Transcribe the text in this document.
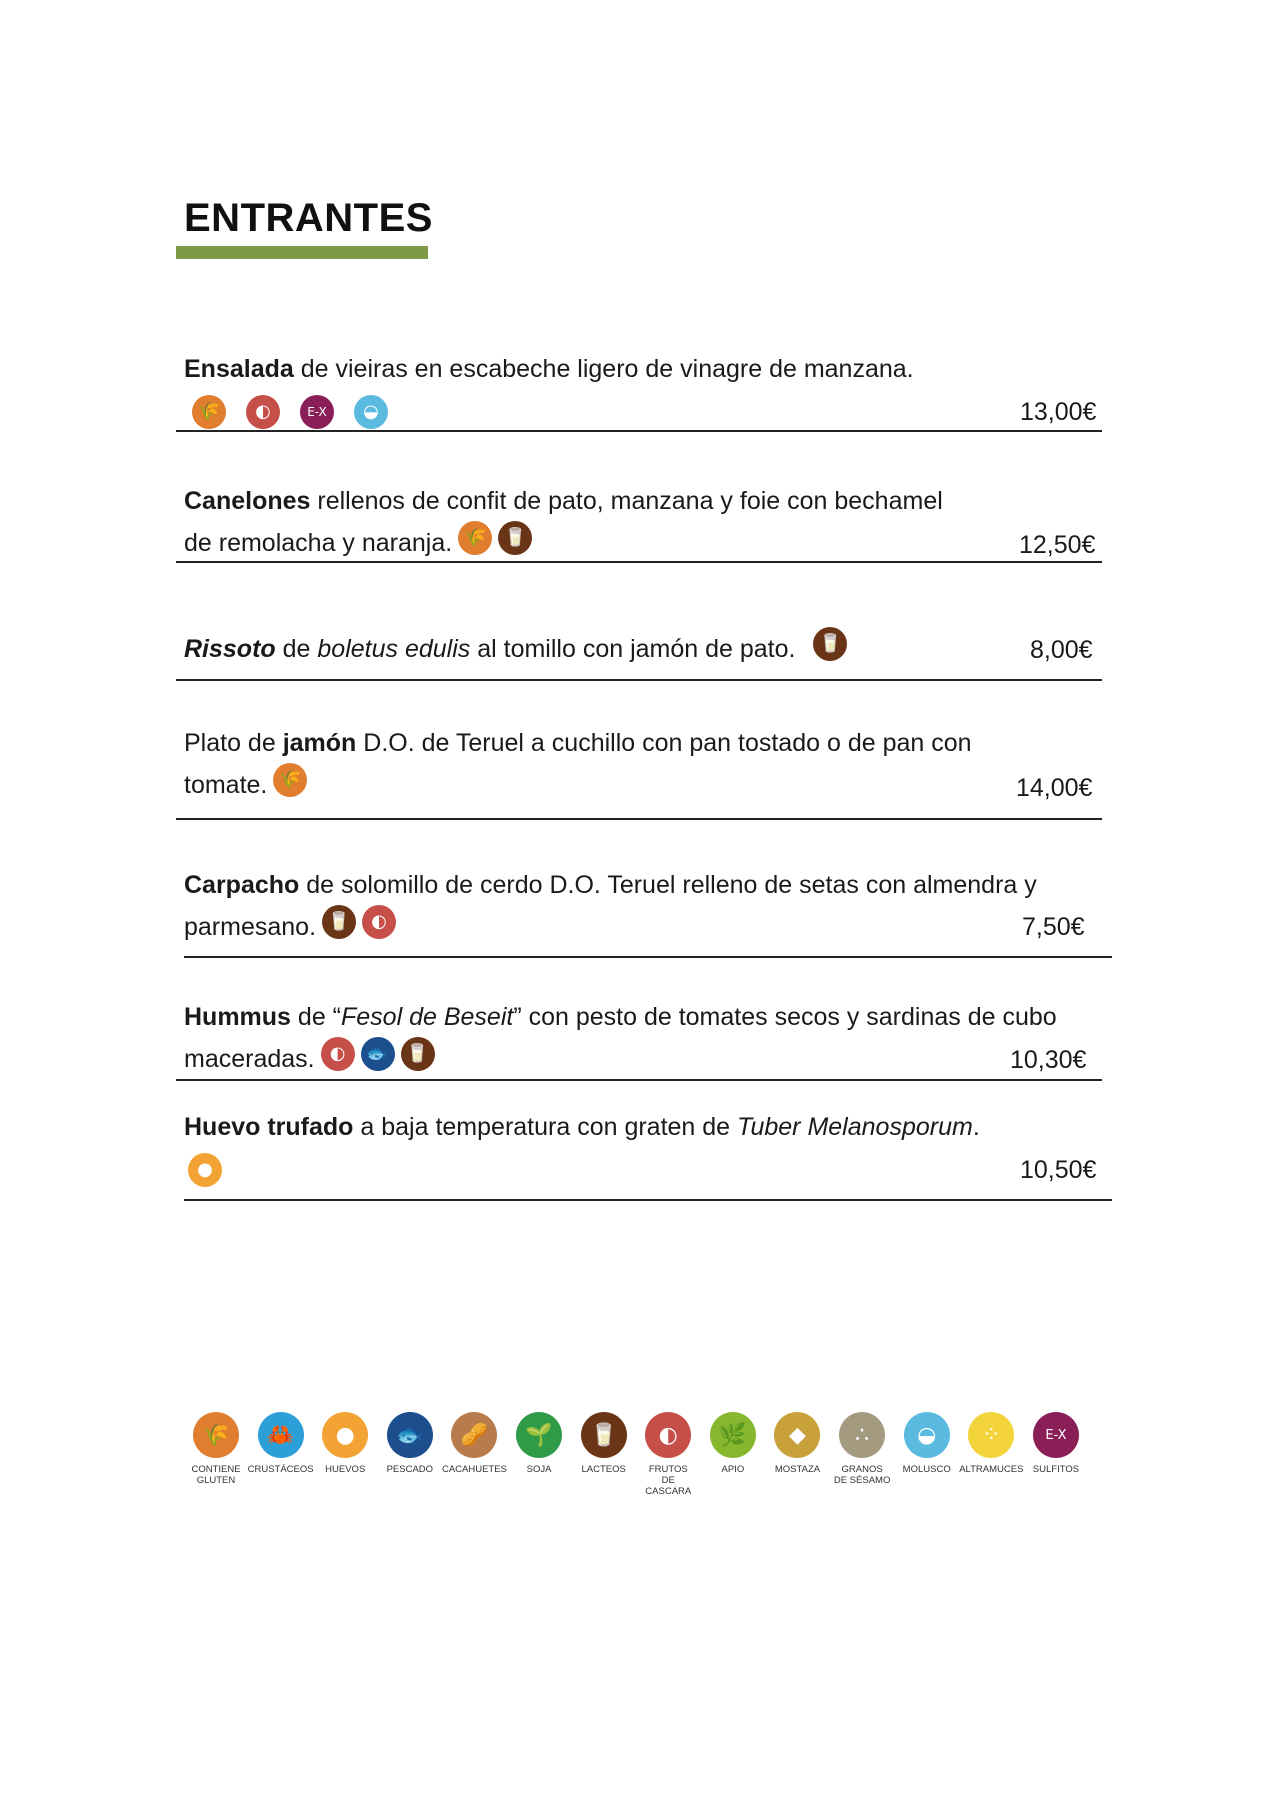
ENTRANTES
Ensalada de vieiras en escabeche ligero de vinagre de manzana.
🌾	◐	E-X	◒	13,00€
Canelones rellenos de confit de pato, manzana y foie con bechamel
de remolacha y naranja. 🌾 🥛	12,50€
Rissoto de boletus edulis al tomillo con jamón de pato. 🥛	8,00€
Plato de jamón D.O. de Teruel a cuchillo con pan tostado o de pan con
tomate. 🌾	14,00€
Carpacho de solomillo de cerdo D.O. Teruel relleno de setas con almendra y
parmesano. 🥛 ◐	7,50€
Hummus de “Fesol de Beseit” con pesto de tomates secos y sardinas de cubo
maceradas. ◐ 🐟 🥛	10,30€
Huevo trufado a baja temperatura con graten de Tuber Melanosporum.
●	10,50€
🌾
CONTIENE
GLUTEN
🦀
CRUSTÁCEOS
●
HUEVOS
🐟
PESCADO
🥜
CACAHUETES
🌱
SOJA
🥛
LACTEOS
◐
FRUTOS
DE CASCARA
🌿
APIO
◆
MOSTAZA
∴
GRANOS
DE SÉSAMO
◒
MOLUSCO
⁘
ALTRAMUCES
E-X
SULFITOS
